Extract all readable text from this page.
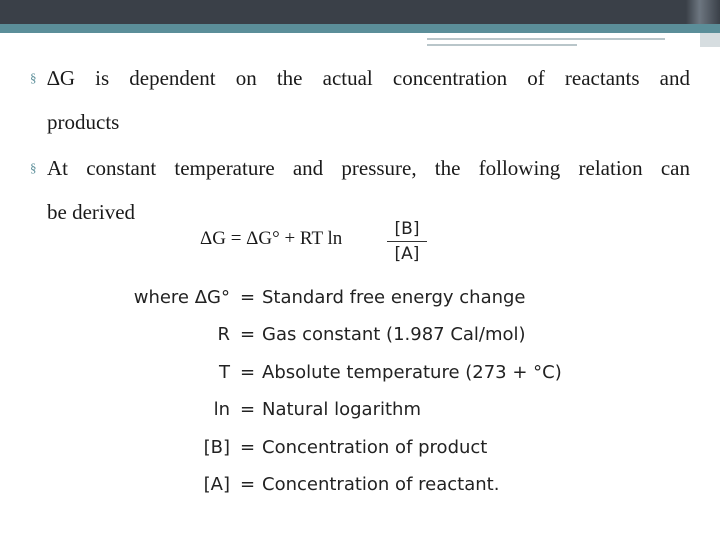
§ ∆G is dependent on the actual concentration of reactants and
products
§ At constant temperature and pressure, the following relation can
be derived
ΔG = ΔG° + RT ln	[B]
[A]
where ΔG° = Standard free energy change
R = Gas constant (1.987 Cal/mol)
T = Absolute temperature (273 + °C)
ln = Natural logarithm
[B] = Concentration of product
[A] = Concentration of reactant.
